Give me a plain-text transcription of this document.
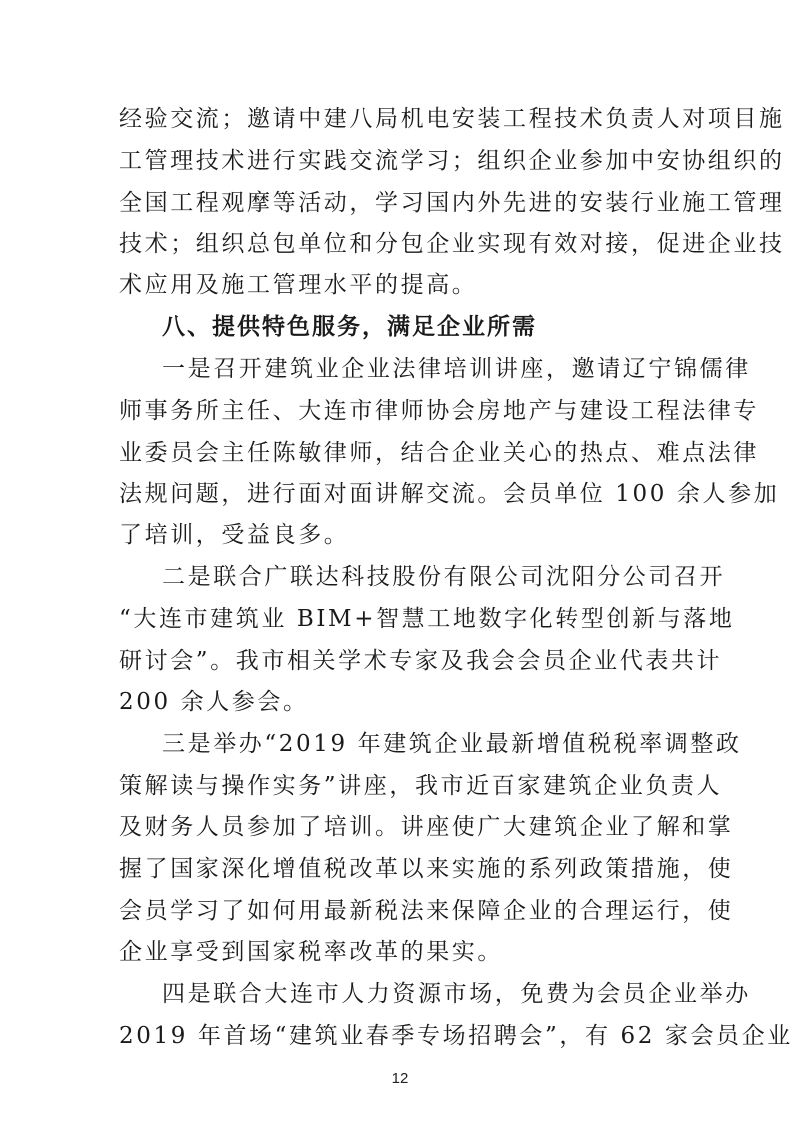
经验交流；邀请中建八局机电安装工程技术负责人对项目施
工管理技术进行实践交流学习；组织企业参加中安协组织的
全国工程观摩等活动，学习国内外先进的安装行业施工管理
技术；组织总包单位和分包企业实现有效对接，促进企业技
术应用及施工管理水平的提高。
八、提供特色服务，满足企业所需
一是召开建筑业企业法律培训讲座，邀请辽宁锦儒律
师事务所主任、大连市律师协会房地产与建设工程法律专
业委员会主任陈敏律师，结合企业关心的热点、难点法律
法规问题，进行面对面讲解交流。会员单位 100 余人参加
了培训，受益良多。
二是联合广联达科技股份有限公司沈阳分公司召开
“大连市建筑业 BIM+智慧工地数字化转型创新与落地
研讨会”。我市相关学术专家及我会会员企业代表共计
200 余人参会。
三是举办“2019 年建筑企业最新增值税税率调整政
策解读与操作实务”讲座，我市近百家建筑企业负责人
及财务人员参加了培训。讲座使广大建筑企业了解和掌
握了国家深化增值税改革以来实施的系列政策措施，使
会员学习了如何用最新税法来保障企业的合理运行，使
企业享受到国家税率改革的果实。
四是联合大连市人力资源市场，免费为会员企业举办
2019 年首场“建筑业春季专场招聘会”，有 62 家会员企业
12
